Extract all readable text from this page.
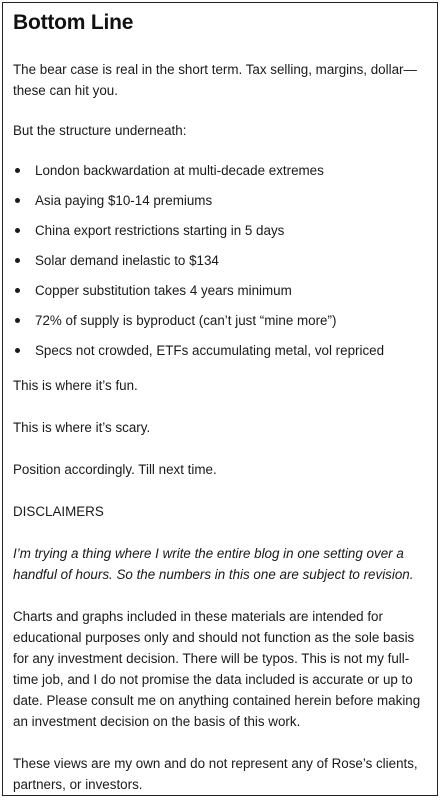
Bottom Line

The bear case is real in the short term. Tax selling, margins, dollar—these can hit you.

But the structure underneath:

London backwardation at multi-decade extremes
Asia paying $10-14 premiums
China export restrictions starting in 5 days
Solar demand inelastic to $134
Copper substitution takes 4 years minimum
72% of supply is byproduct (can’t just “mine more”)
Specs not crowded, ETFs accumulating metal, vol repriced

This is where it’s fun.

This is where it’s scary.

Position accordingly. Till next time.

DISCLAIMERS

I’m trying a thing where I write the entire blog in one setting over a handful of hours. So the numbers in this one are subject to revision.

Charts and graphs included in these materials are intended for educational purposes only and should not function as the sole basis for any investment decision. There will be typos. This is not my full-time job, and I do not promise the data included is accurate or up to date. Please consult me on anything contained herein before making an investment decision on the basis of this work.

These views are my own and do not represent any of Rose’s clients, partners, or investors.
